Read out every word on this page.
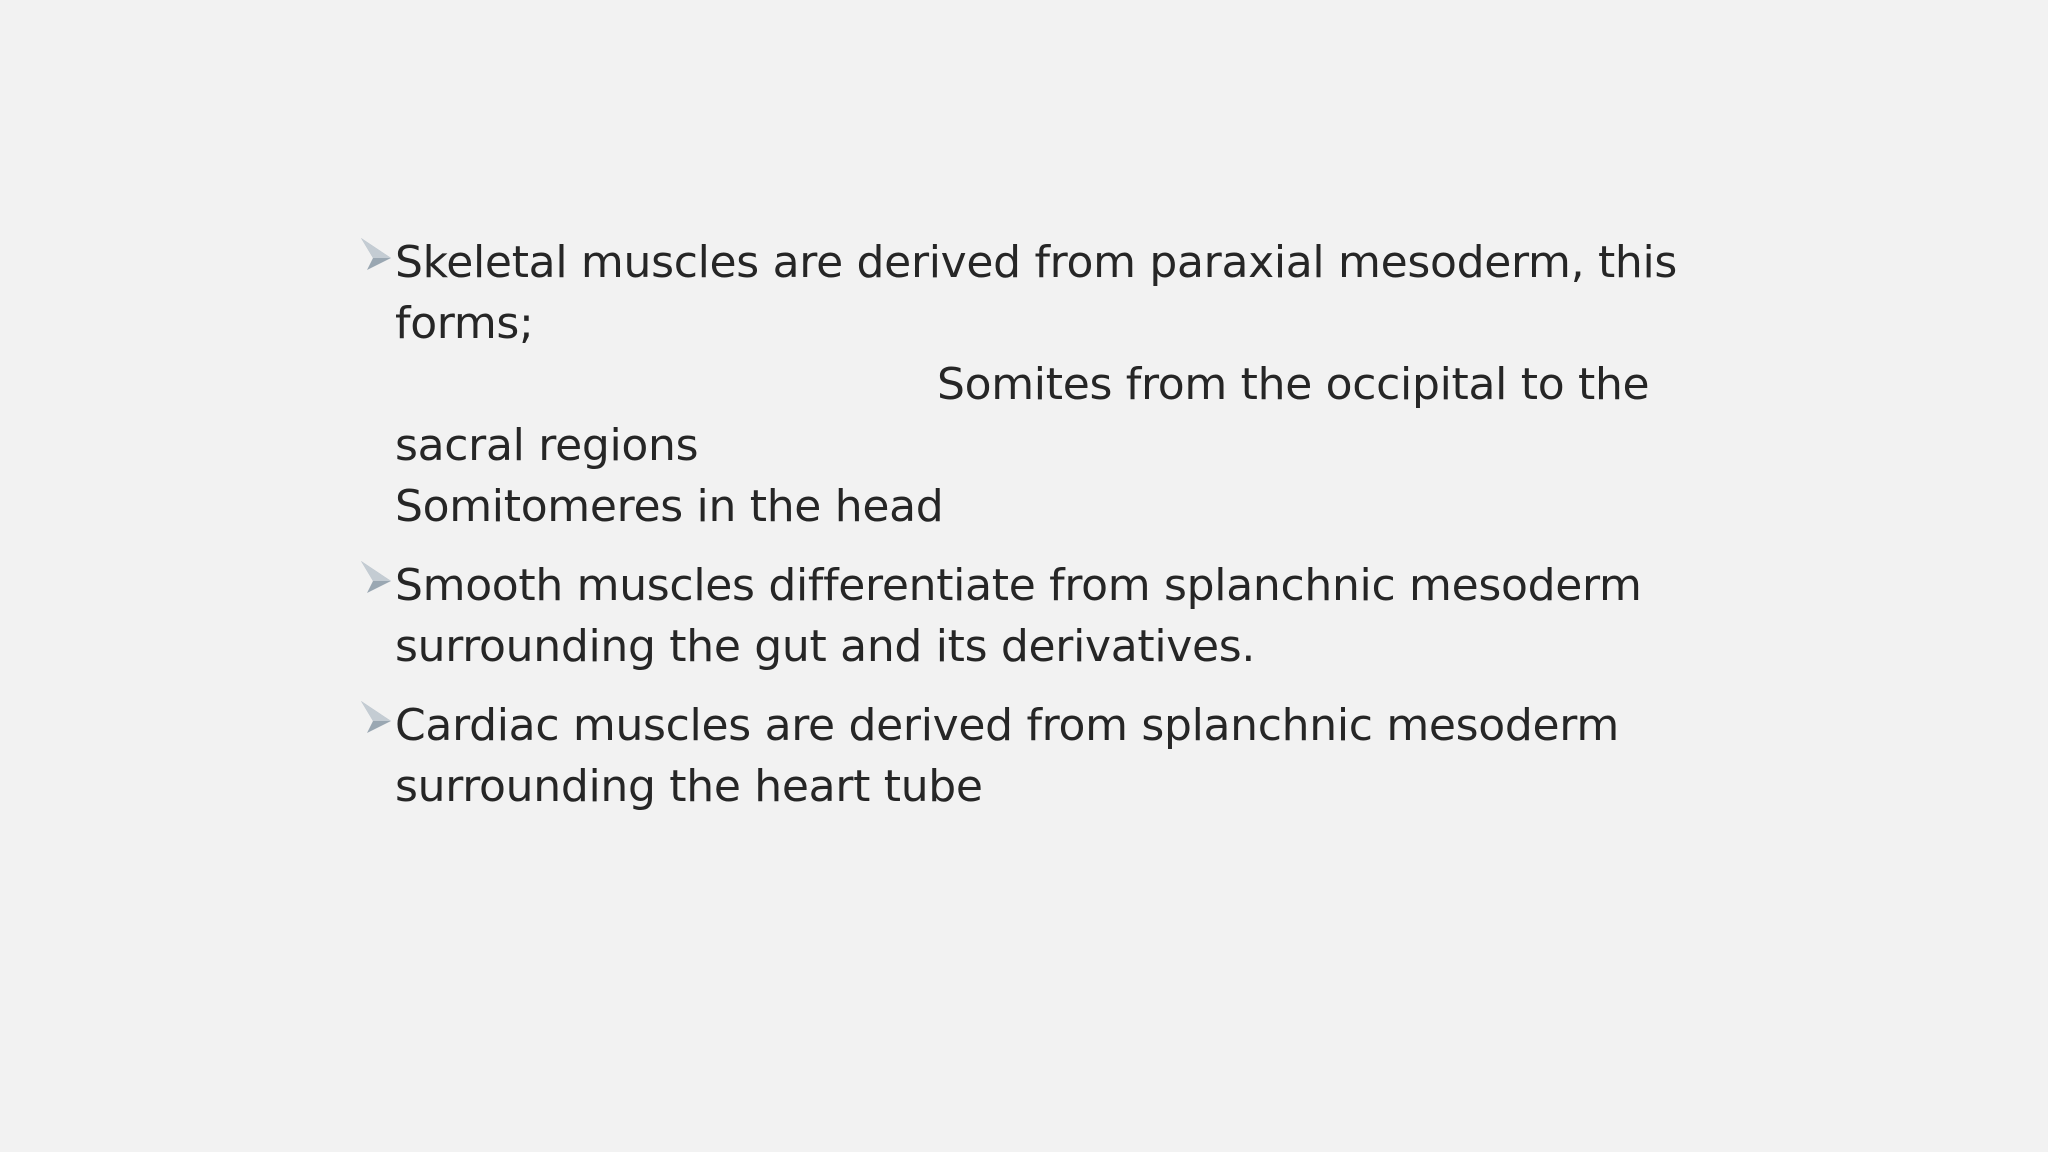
Skeletal muscles are derived from paraxial mesoderm, this
forms;
Somites from the occipital to the
sacral regions
Somitomeres in the head
Smooth muscles differentiate from splanchnic mesoderm
surrounding the gut and its derivatives.
Cardiac muscles are derived from splanchnic mesoderm
surrounding the heart tube
